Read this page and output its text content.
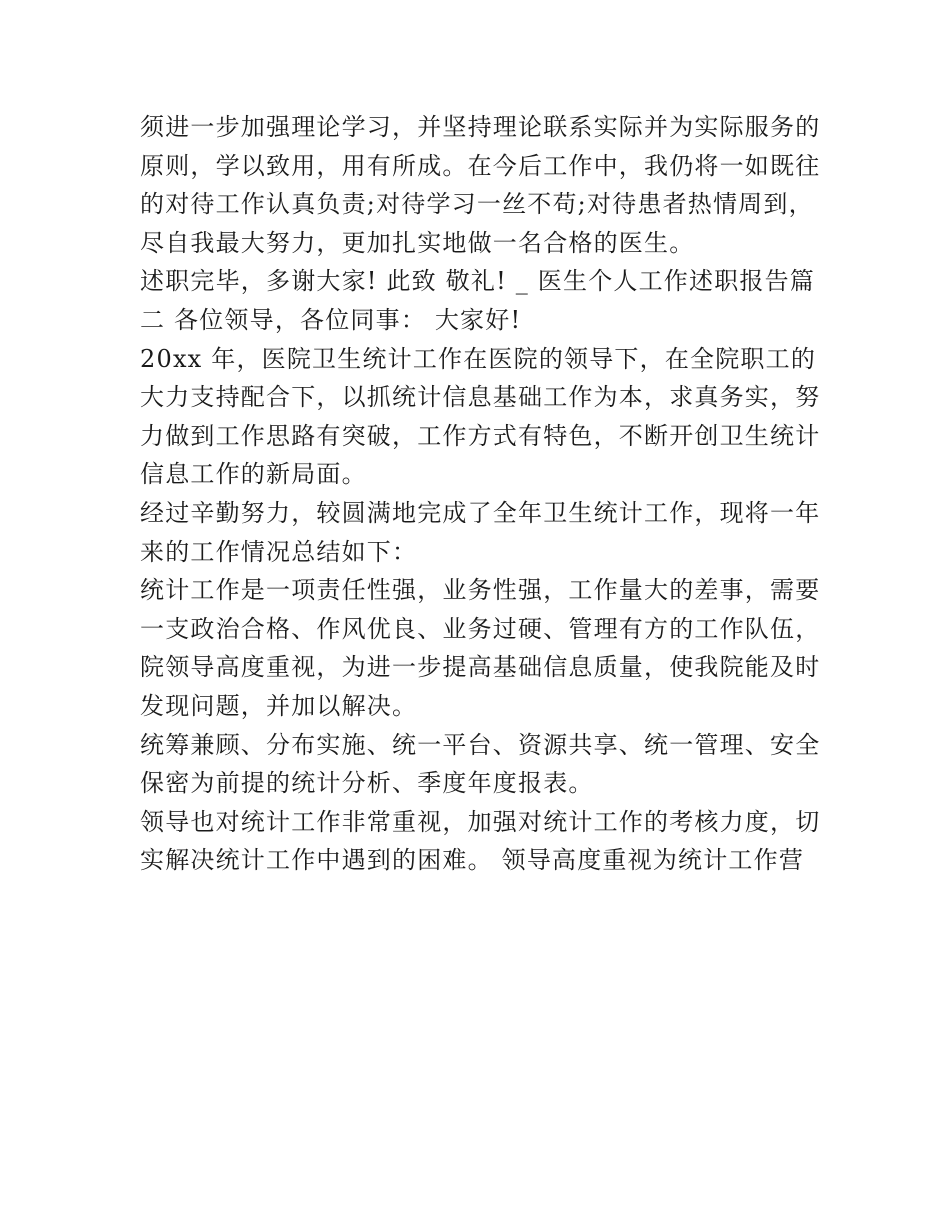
须进一步加强理论学习，并坚持理论联系实际并为实际服务的

原则，学以致用，用有所成。在今后工作中，我仍将一如既往

的对待工作认真负责;对待学习一丝不苟;对待患者热情周到，

尽自我最大努力，更加扎实地做一名合格的医生。

述职完毕，多谢大家! 此致 敬礼! _ 医生个人工作述职报告篇

二 各位领导，各位同事： 大家好!

20xx 年，医院卫生统计工作在医院的领导下，在全院职工的

大力支持配合下，以抓统计信息基础工作为本，求真务实，努

力做到工作思路有突破，工作方式有特色，不断开创卫生统计

信息工作的新局面。

经过辛勤努力，较圆满地完成了全年卫生统计工作，现将一年

来的工作情况总结如下：

统计工作是一项责任性强，业务性强，工作量大的差事，需要

一支政治合格、作风优良、业务过硬、管理有方的工作队伍，

院领导高度重视，为进一步提高基础信息质量，使我院能及时

发现问题，并加以解决。

统筹兼顾、分布实施、统一平台、资源共享、统一管理、安全

保密为前提的统计分析、季度年度报表。

领导也对统计工作非常重视，加强对统计工作的考核力度，切

实解决统计工作中遇到的困难。 领导高度重视为统计工作营
